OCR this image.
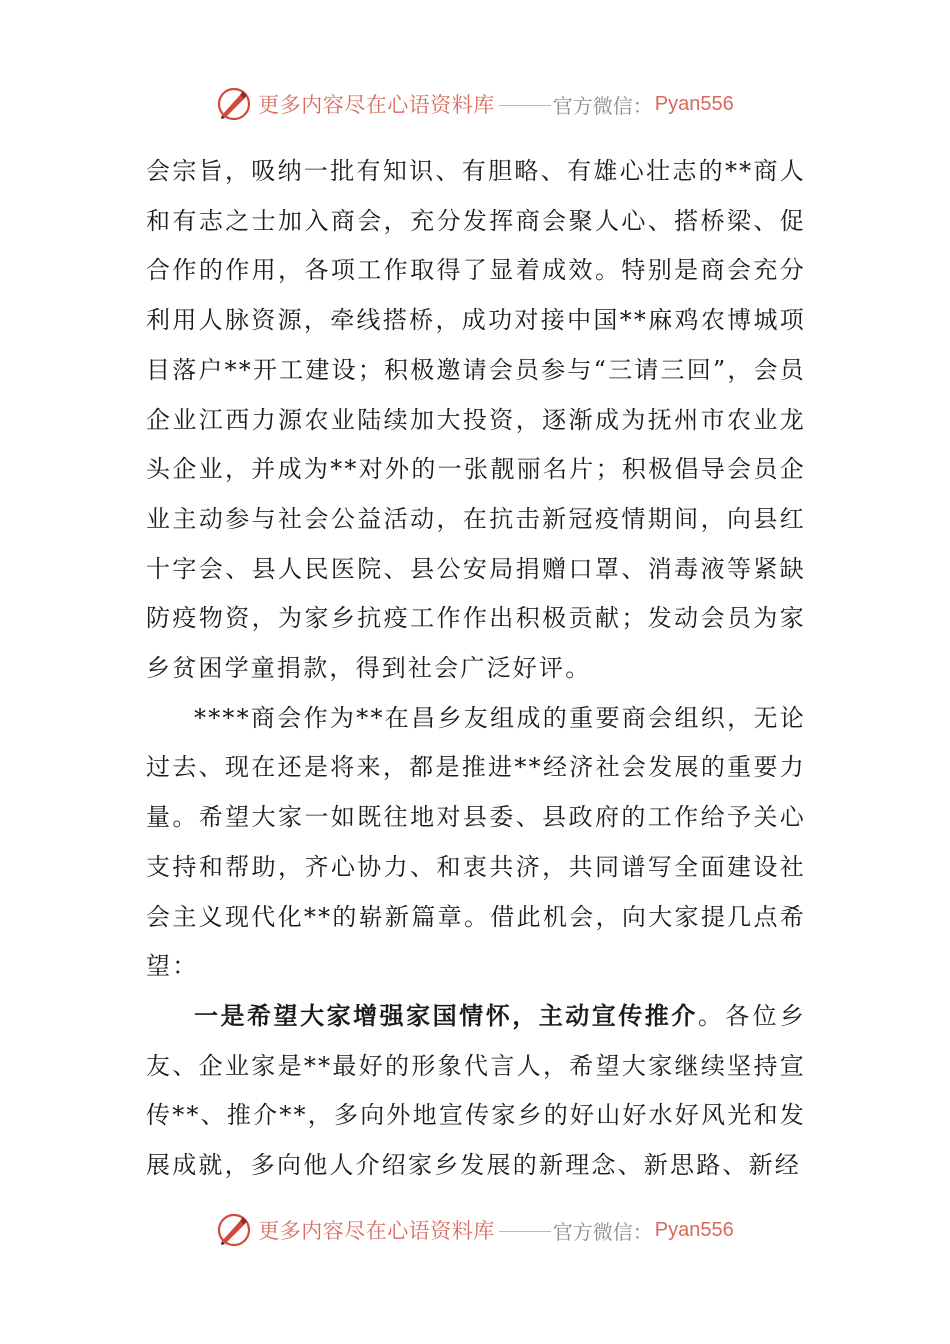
更多内容尽在心语资料库	官方微信： Pyan556

会宗旨，吸纳一批有知识、有胆略、有雄心壮志的**商人和有志之士加入商会，充分发挥商会聚人心、搭桥梁、促合作的作用，各项工作取得了显着成效。特别是商会充分利用人脉资源，牵线搭桥，成功对接中国**麻鸡农博城项目落户**开工建设；积极邀请会员参与“三请三回”，会员企业江西力源农业陆续加大投资，逐渐成为抚州市农业龙头企业，并成为**对外的一张靓丽名片；积极倡导会员企业主动参与社会公益活动，在抗击新冠疫情期间，向县红十字会、县人民医院、县公安局捐赠口罩、消毒液等紧缺防疫物资，为家乡抗疫工作作出积极贡献；发动会员为家乡贫困学童捐款，得到社会广泛好评。

****商会作为**在昌乡友组成的重要商会组织，无论过去、现在还是将来，都是推进**经济社会发展的重要力量。希望大家一如既往地对县委、县政府的工作给予关心支持和帮助，齐心协力、和衷共济，共同谱写全面建设社会主义现代化**的崭新篇章。借此机会，向大家提几点希望：

一是希望大家增强家国情怀，主动宣传推介。各位乡友、企业家是**最好的形象代言人，希望大家继续坚持宣传**、推介**，多向外地宣传家乡的好山好水好风光和发展成就，多向他人介绍家乡发展的新理念、新思路、新经

更多内容尽在心语资料库	官方微信： Pyan556
